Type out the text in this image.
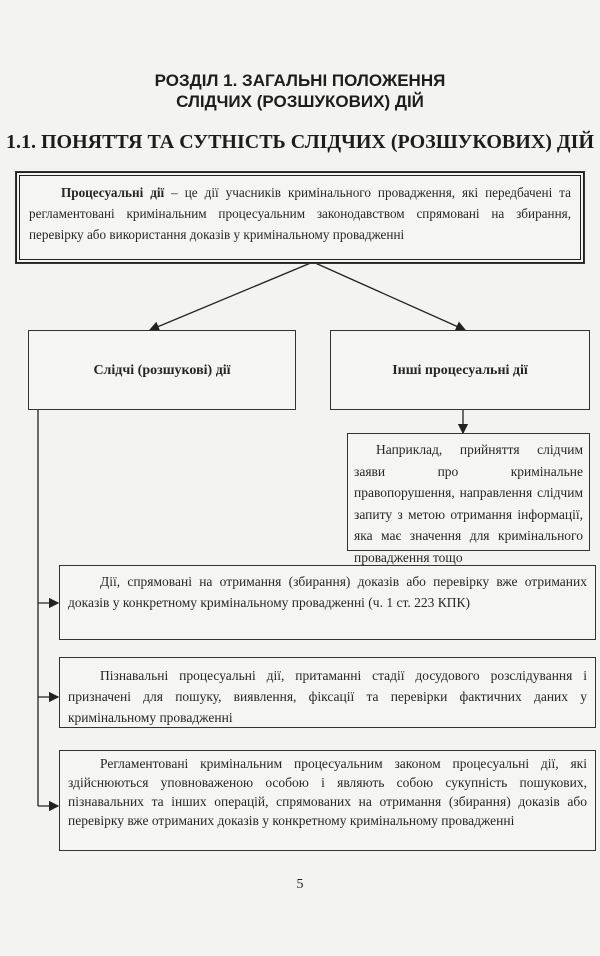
РОЗДІЛ 1. ЗАГАЛЬНІ ПОЛОЖЕННЯ
СЛІДЧИХ (РОЗШУКОВИХ) ДІЙ
1.1. ПОНЯТТЯ ТА СУТНІСТЬ СЛІДЧИХ (РОЗШУКОВИХ) ДІЙ

Процесуальні дії – це дії учасників кримінального провадження, які передбачені та регламентовані кримінальним процесуальним законодавством спрямовані на збирання, перевірку або використання доказів у кримінальному провадженні

Слідчі (розшукові) дії	Інші процесуальні дії

Наприклад, прийняття слідчим заяви про кримінальне правопорушення, направлення слідчим запиту з метою отримання інформації, яка має значення для кримінального провадження тощо

Дії, спрямовані на отримання (збирання) доказів або перевірку вже отриманих доказів у конкретному кримінальному провадженні (ч. 1 ст. 223 КПК)

Пізнавальні процесуальні дії, притаманні стадії досудового розслідування і призначені для пошуку, виявлення, фіксації та перевірки фактичних даних у кримінальному провадженні

Регламентовані кримінальним процесуальним законом процесуальні дії, які здійснюються уповноваженою особою і являють собою сукупність пошукових, пізнавальних та інших операцій, спрямованих на отримання (збирання) доказів або перевірку вже отриманих доказів у конкретному кримінальному провадженні

5
